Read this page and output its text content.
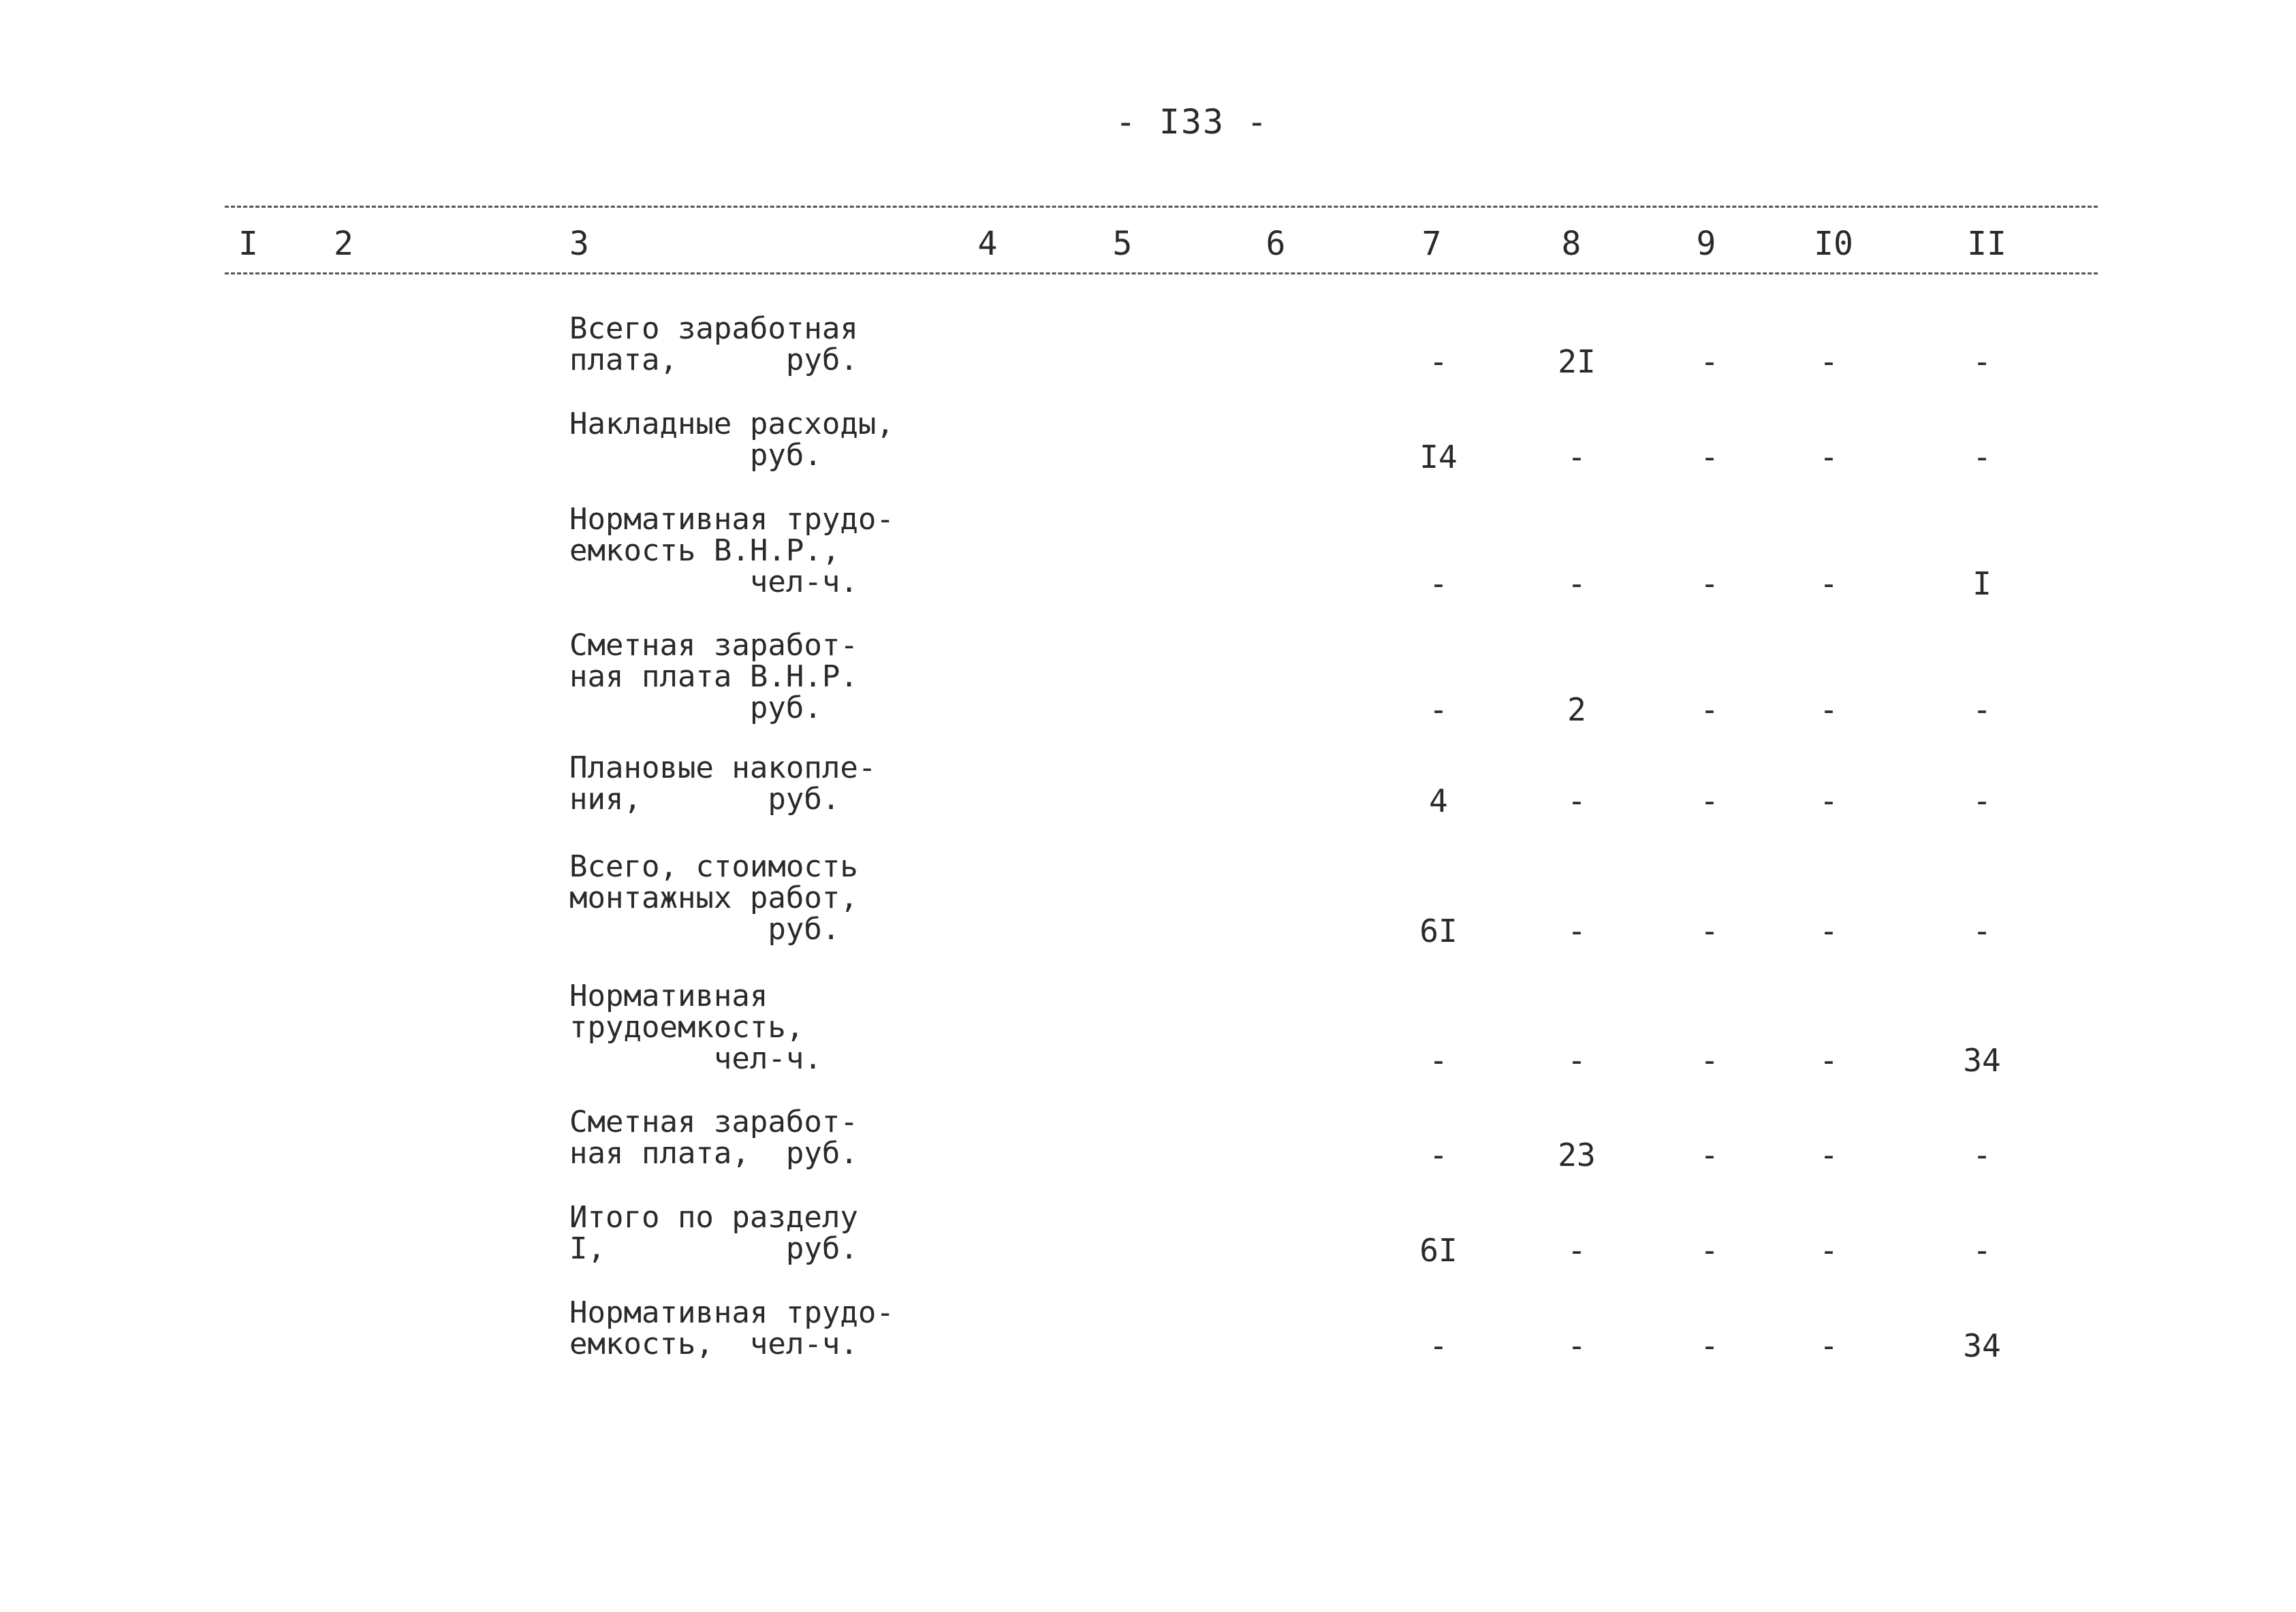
- I33 -
I 2	3	4	5	6	7	8	9	I0	II
Всего заработная
плата,      руб.	-	2I	-	-	-
Накладные расходы,
руб.	I4	-	-	-	-
Нормативная трудо-
емкость В.Н.Р.,
чел-ч.	-	-	-	-	I
Сметная заработ-
ная плата В.Н.Р.
руб.	-	2	-	-	-
Плановые накопле-
ния,       руб.	4	-	-	-	-
Всего, стоимость
монтажных работ,
руб.	6I	-	-	-	-
Нормативная
трудоемкость,
чел-ч.	-	-	-	-	34
Сметная заработ-
ная плата,  руб.	-	23	-	-	-
Итого по разделу
I,          руб.	6I	-	-	-	-
Нормативная трудо-
емкость,  чел-ч.	-	-	-	-	34
